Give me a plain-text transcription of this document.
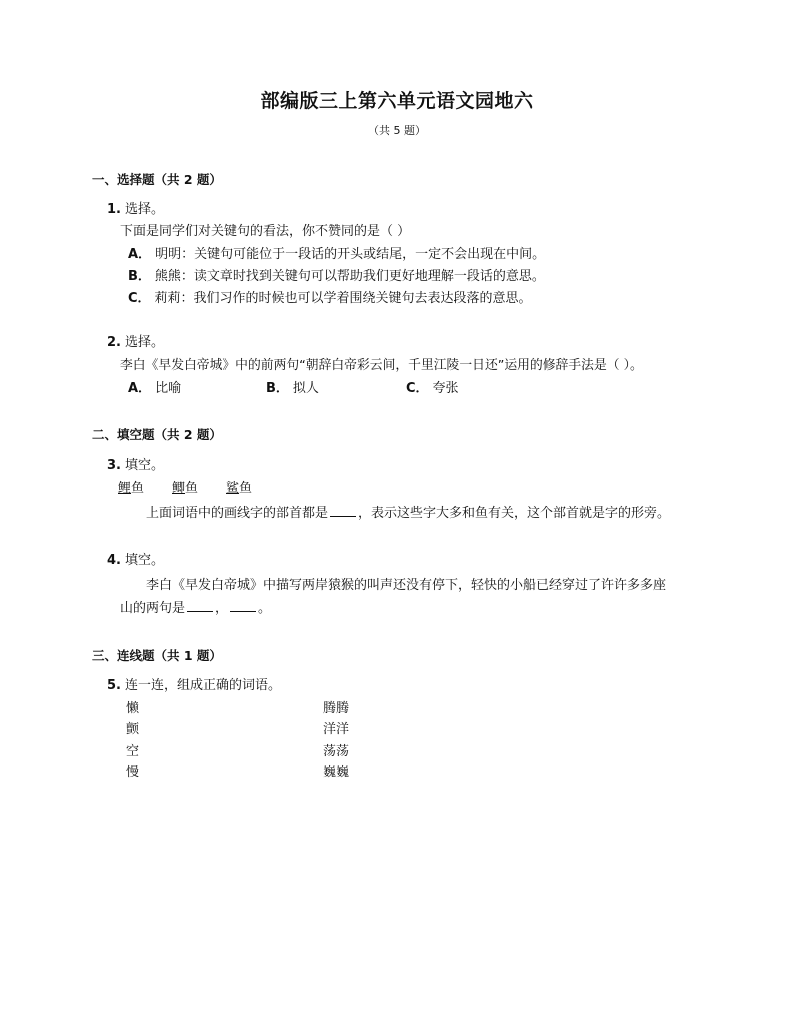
部编版三上第六单元语文园地六
（共 5 题）
一、选择题（共 2 题）
1. 选择。
下面是同学们对关键句的看法，你不赞同的是（ ）
A． 明明：关键句可能位于一段话的开头或结尾，一定不会出现在中间。
B． 熊熊：读文章时找到关键句可以帮助我们更好地理解一段话的意思。
C． 莉莉：我们习作的时候也可以学着围绕关键句去表达段落的意思。
2. 选择。
李白《早发白帝城》中的前两句“朝辞白帝彩云间，千里江陵一日还”运用的修辞手法是（ ）。
A． 比喻	B． 拟人	C． 夸张
二、填空题（共 2 题）
3. 填空。
鲤鱼 鲫鱼 鲨鱼
上面词语中的画线字的部首都是 ，表示这些字大多和鱼有关，这个部首就是字的形旁。
4. 填空。
李白《早发白帝城》中描写两岸猿猴的叫声还没有停下，轻快的小船已经穿过了许许多多座
山的两句是 ， 。
三、连线题（共 1 题）
5. 连一连，组成正确的词语。
懒
颤
空
慢
腾腾
洋洋
荡荡
巍巍
